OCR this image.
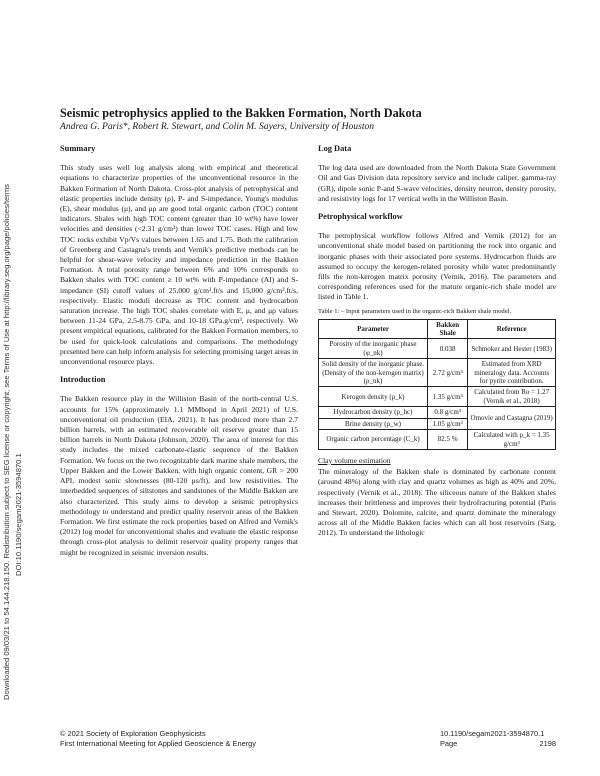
Downloaded 09/03/21 to 54.144.218.150. Redistribution subject to SEG license or copyright; see Terms of Use at http://library.seg.org/page/policies/terms DOI:10.1190/segam2021-3594870.1
Seismic petrophysics applied to the Bakken Formation, North Dakota

Andrea G. Paris*, Robert R. Stewart, and Colin M. Sayers, University of Houston

Summary

This study uses well log analysis along with empirical and theoretical equations to characterize properties of the unconventional resource in the Bakken Formation of North Dakota. Cross-plot analysis of petrophysical and elastic properties include density (ρ), P- and S-impedance, Young's modulus (E), shear modulus (μ), and μρ are good total organic carbon (TOC) content indicators. Shales with high TOC content (greater than 10 wt%) have lower velocities and densities (<2.31 g/cm³) than lower TOC cases. High and low TOC rocks exhibit Vp/Vs values between 1.65 and 1.75. Both the calibration of Greenberg and Castagna's trends and Vernik's predictive methods can be helpful for shear-wave velocity and impedance prediction in the Bakken Formation. A total porosity range between 6% and 10% corresponds to Bakken shales with TOC content ≥ 10 wt% with P-impedance (AI) and S-impedance (SI) cutoff values of 25,000 g/cm³.ft/s and 15,000 g/cm³.ft/s, respectively. Elastic moduli decrease as TOC content and hydrocarbon saturation increase. The high TOC shales correlate with E, μ, and μρ values between 11-24 GPa, 2.5-8.75 GPa, and 10-18 GPa.g/cm³, respectively. We present empirical equations, calibrated for the Bakken Formation members, to be used for quick-look calculations and comparisons. The methodology presented here can help inform analysis for selecting promising target areas in unconventional resource plays.

Introduction

The Bakken resource play in the Williston Basin of the north-central U.S. accounts for 15% (approximately 1.1 MMbopd in April 2021) of U.S. unconventional oil production (EIA, 2021). It has produced more than 2.7 billion barrels, with an estimated recoverable oil reserve greater than 15 billion barrels in North Dakota (Johnson, 2020). The area of interest for this study includes the mixed carbonate-clastic sequence of the Bakken Formation. We focus on the two recognizable dark marine shale members, the Upper Bakken and the Lower Bakken, with high organic content, GR > 200 API, modest sonic slownesses (80-120 μs/ft), and low resistivities. The interbedded sequences of siltstones and sandstones of the Middle Bakken are also characterized. This study aims to develop a seismic petrophysics methodology to understand and predict quality reservoir areas of the Bakken Formation. We first estimate the rock properties based on Alfred and Vernik's (2012) log model for unconventional shales and evaluate the elastic response through cross-plot analysis to delimit reservoir quality property ranges that might be recognized in seismic inversion results.

Log Data

The log data used are downloaded from the North Dakota State Government Oil and Gas Division data repository service and include caliper, gamma-ray (GR), dipole sonic P-and S-wave velocities, density neutron, density porosity, and resistivity logs for 17 vertical wells in the Williston Basin.

Petrophysical workflow

The petrophysical workflow follows Alfred and Vernik (2012) for an unconventional shale model based on partitioning the rock into organic and inorganic phases with their associated pore systems. Hydrocarbon fluids are assumed to occupy the kerogen-related porosity while water predominantly fills the non-kerogen matrix porosity (Vernik, 2016). The parameters and corresponding references used for the mature organic-rich shale model are listed in Table 1.

Table 1: – Input parameters used in the organic-rich Bakken shale model.

Parameter	Bakken Shale	Reference
Porosity of the inorganic phase (φ_nk)	0.038	Schmoker and Hester (1983)
Solid density of the inorganic phase. (Density of the non-kerogen matrix) (ρ_nk)	2.72 g/cm³	Estimated from XRD mineralogy data. Accounts for pyrite contribution.
Kerogen density (ρ_k)	1.35 g/cm³	Calculated from Ro = 1.27 (Vernik et al., 2018)
Hydrocarbon density (ρ_hc)	0.8 g/cm³	Omovie and Castagna (2019)
Brine density (ρ_w)	1.05 g/cm³	
Organic carbon percentage (C_k)	82.5 %	Calculated with ρ_k = 1.35 g/cm³
Clay volume estimation

The mineralogy of the Bakken shale is dominated by carbonate content (around 48%) along with clay and quartz volumes as high as 40% and 20%, respectively (Vernik et al., 2018). The siliceous nature of the Bakken shales increases their brittleness and improves their hydrofracturing potential (Paris and Stewart, 2020). Dolomite, calcite, and quartz dominate the mineralogy across all of the Middle Bakken facies which can all host reservoirs (Sarg, 2012). To understand the lithologic

© 2021 Society of Exploration Geophysicists
First International Meeting for Applied Geoscience & Energy
10.1190/segam2021-3594870.1
Page	2198
